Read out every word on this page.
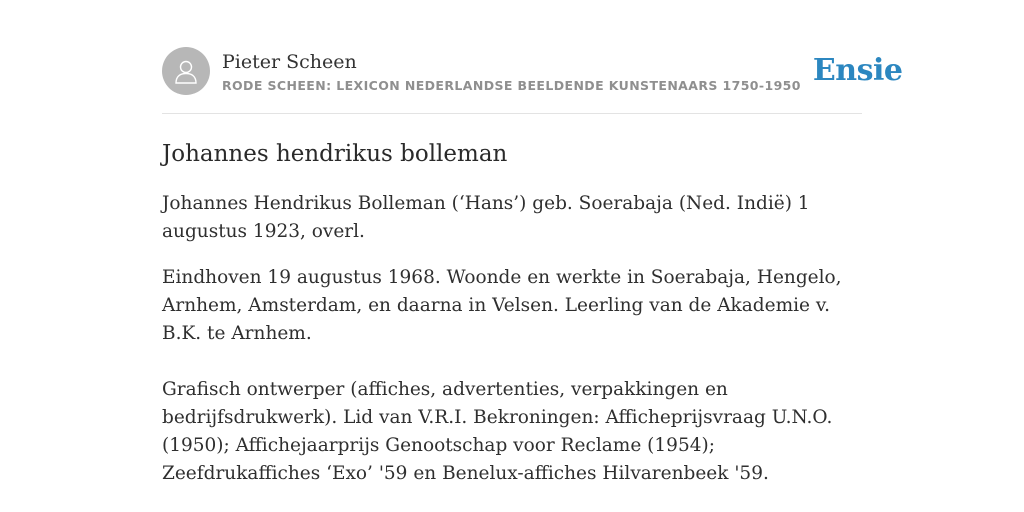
Pieter Scheen
RODE SCHEEN: LEXICON NEDERLANDSE BEELDENDE KUNSTENAARS 1750-1950 Ensie
Johannes hendrikus bolleman

Johannes Hendrikus Bolleman (‘Hans’) geb. Soerabaja (Ned. Indië) 1 augustus 1923, overl.

Eindhoven 19 augustus 1968. Woonde en werkte in Soerabaja, Hengelo, Arnhem, Amsterdam, en daarna in Velsen. Leerling van de Akademie v. B.K. te Arnhem.

Grafisch ontwerper (affiches, advertenties, verpakkingen en bedrijfsdrukwerk). Lid van V.R.I. Bekroningen: Afficheprijsvraag U.N.O. (1950); Affichejaarprijs Genootschap voor Reclame (1954); Zeefdrukaffiches ‘Exo’ '59 en Benelux-affiches Hilvarenbeek '59.
